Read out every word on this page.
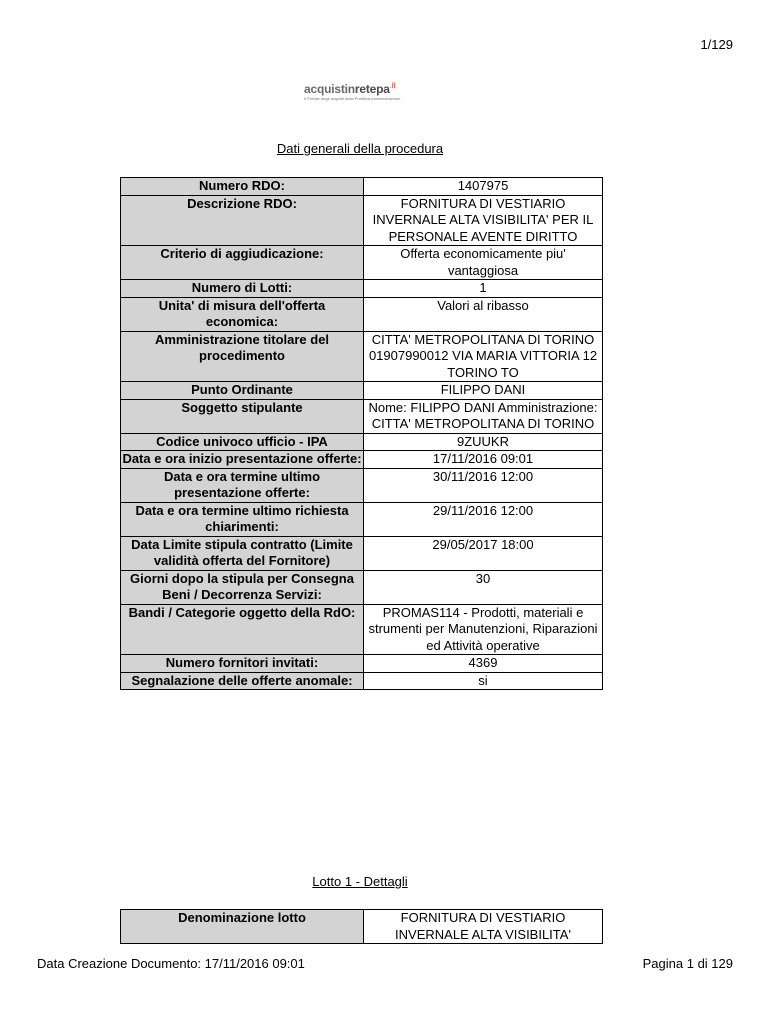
1/129
acquistinretepa$^{.it}$
Il Portale degli acquisti della Pubblica Amministrazione
Dati generali della procedura
Numero RDO:	1407975
Descrizione RDO:	FORNITURA DI VESTIARIO INVERNALE ALTA VISIBILITA' PER IL PERSONALE AVENTE DIRITTO
Criterio di aggiudicazione:	Offerta economicamente piu' vantaggiosa
Numero di Lotti:	1
Unita' di misura dell'offerta economica:	Valori al ribasso
Amministrazione titolare del procedimento	CITTA' METROPOLITANA DI TORINO 01907990012 VIA MARIA VITTORIA 12 TORINO TO
Punto Ordinante	FILIPPO DANI
Soggetto stipulante	Nome: FILIPPO DANI Amministrazione: CITTA' METROPOLITANA DI TORINO
Codice univoco ufficio - IPA	9ZUUKR
Data e ora inizio presentazione offerte:	17/11/2016 09:01
Data e ora termine ultimo presentazione offerte:	30/11/2016 12:00
Data e ora termine ultimo richiesta chiarimenti:	29/11/2016 12:00
Data Limite stipula contratto (Limite validità offerta del Fornitore)	29/05/2017 18:00
Giorni dopo la stipula per Consegna Beni / Decorrenza Servizi:	30
Bandi / Categorie oggetto della RdO:	PROMAS114 - Prodotti, materiali e strumenti per Manutenzioni, Riparazioni ed Attività operative
Numero fornitori invitati:	4369
Segnalazione delle offerte anomale:	si
Lotto 1 - Dettagli
Denominazione lotto	FORNITURA DI VESTIARIO INVERNALE ALTA VISIBILITA'
Data Creazione Documento: 17/11/2016 09:01	Pagina 1 di 129
